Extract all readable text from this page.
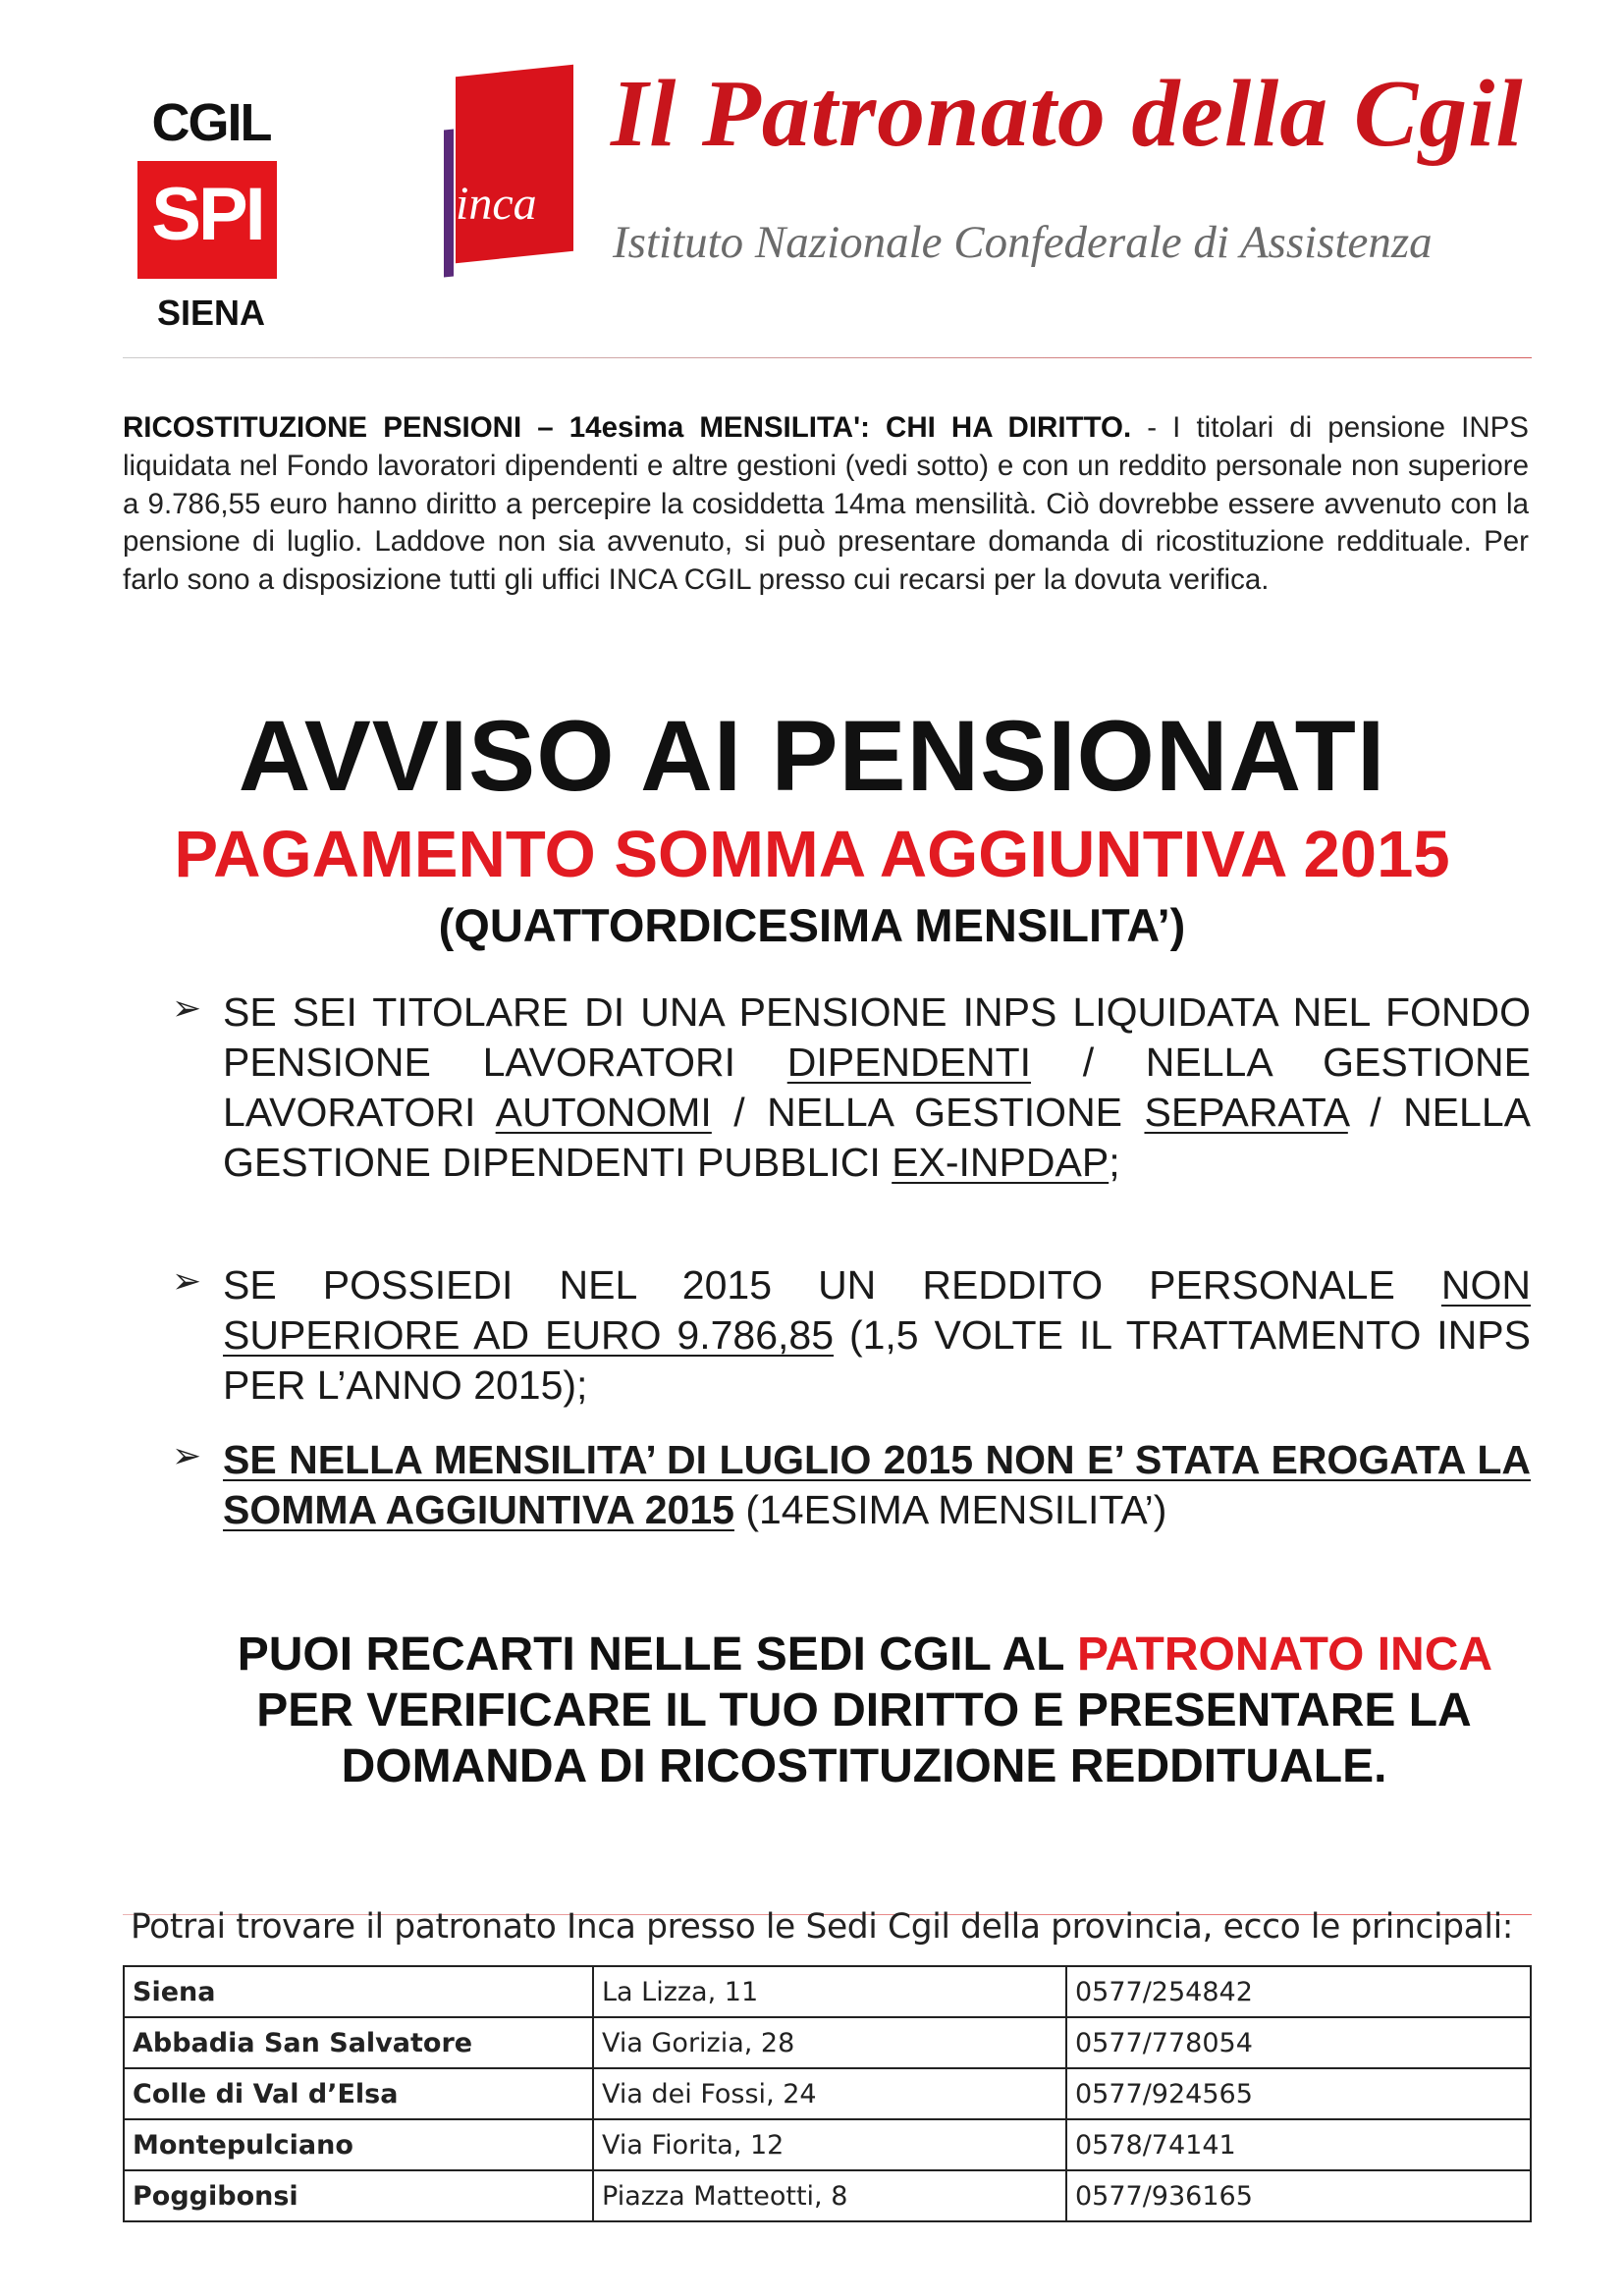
CGIL
SPI
SIENA
inca
Il Patronato della Cgil
Istituto Nazionale Confederale di Assistenza
RICOSTITUZIONE PENSIONI – 14esima MENSILITA': CHI HA DIRITTO. - I titolari di pensione INPS liquidata nel Fondo lavoratori dipendenti e altre gestioni (vedi sotto) e con un reddito personale non superiore a 9.786,55 euro hanno diritto a percepire la cosiddetta 14ma mensilità. Ciò dovrebbe essere avvenuto con la pensione di luglio. Laddove non sia avvenuto, si può presentare domanda di ricostituzione reddituale. Per farlo sono a disposizione tutti gli uffici INCA CGIL presso cui recarsi per la dovuta verifica.
AVVISO AI PENSIONATI
PAGAMENTO SOMMA AGGIUNTIVA 2015
(QUATTORDICESIMA MENSILITA’)
➢ SE SEI TITOLARE DI UNA PENSIONE INPS LIQUIDATA NEL FONDO PENSIONE LAVORATORI DIPENDENTI / NELLA GESTIONE LAVORATORI AUTONOMI / NELLA GESTIONE SEPARATA / NELLA GESTIONE DIPENDENTI PUBBLICI EX-INPDAP;
➢ SE POSSIEDI NEL 2015 UN REDDITO PERSONALE NON SUPERIORE AD EURO 9.786,85 (1,5 VOLTE IL TRATTAMENTO INPS PER L’ANNO 2015);
➢ SE NELLA MENSILITA’ DI LUGLIO 2015 NON E’ STATA EROGATA LA SOMMA AGGIUNTIVA 2015 (14ESIMA MENSILITA’)
PUOI RECARTI NELLE SEDI CGIL AL PATRONATO INCA PER VERIFICARE IL TUO DIRITTO E PRESENTARE LA DOMANDA DI RICOSTITUZIONE REDDITUALE.
Potrai trovare il patronato Inca presso le Sedi Cgil della provincia, ecco le principali:
Siena	La Lizza, 11	0577/254842
Abbadia San Salvatore	Via Gorizia, 28	0577/778054
Colle di Val d’Elsa	Via dei Fossi, 24	0577/924565
Montepulciano	Via Fiorita, 12	0578/74141
Poggibonsi	Piazza Matteotti, 8	0577/936165
